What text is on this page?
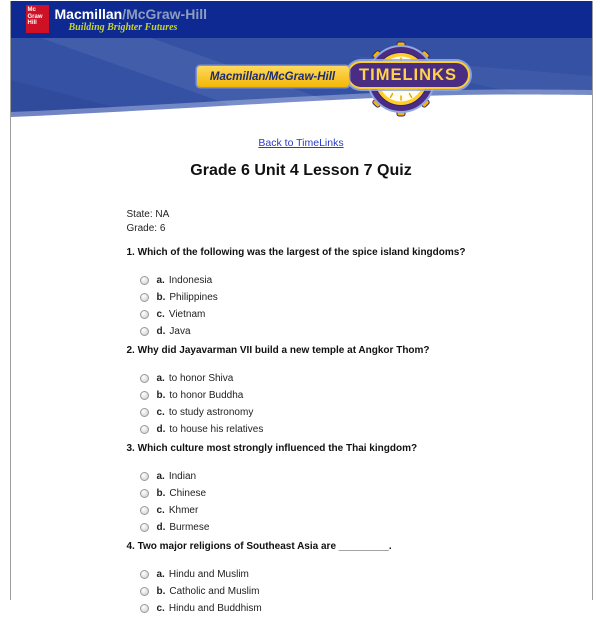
Mc
Graw
Hill
Macmillan/McGraw-Hill
Building Brighter Futures
TIMELINKS
Macmillan/McGraw-Hill
Back to TimeLinks
Grade 6 Unit 4 Lesson 7 Quiz
State: NA
Grade: 6
1. Which of the following was the largest of the spice island kingdoms?
a. Indonesia
b. Philippines
c. Vietnam
d. Java
2. Why did Jayavarman VII build a new temple at Angkor Thom?
a. to honor Shiva
b. to honor Buddha
c. to study astronomy
d. to house his relatives
3. Which culture most strongly influenced the Thai kingdom?
a. Indian
b. Chinese
c. Khmer
d. Burmese
4. Two major religions of Southeast Asia are _________.
a. Hindu and Muslim
b. Catholic and Muslim
c. Hindu and Buddhism
